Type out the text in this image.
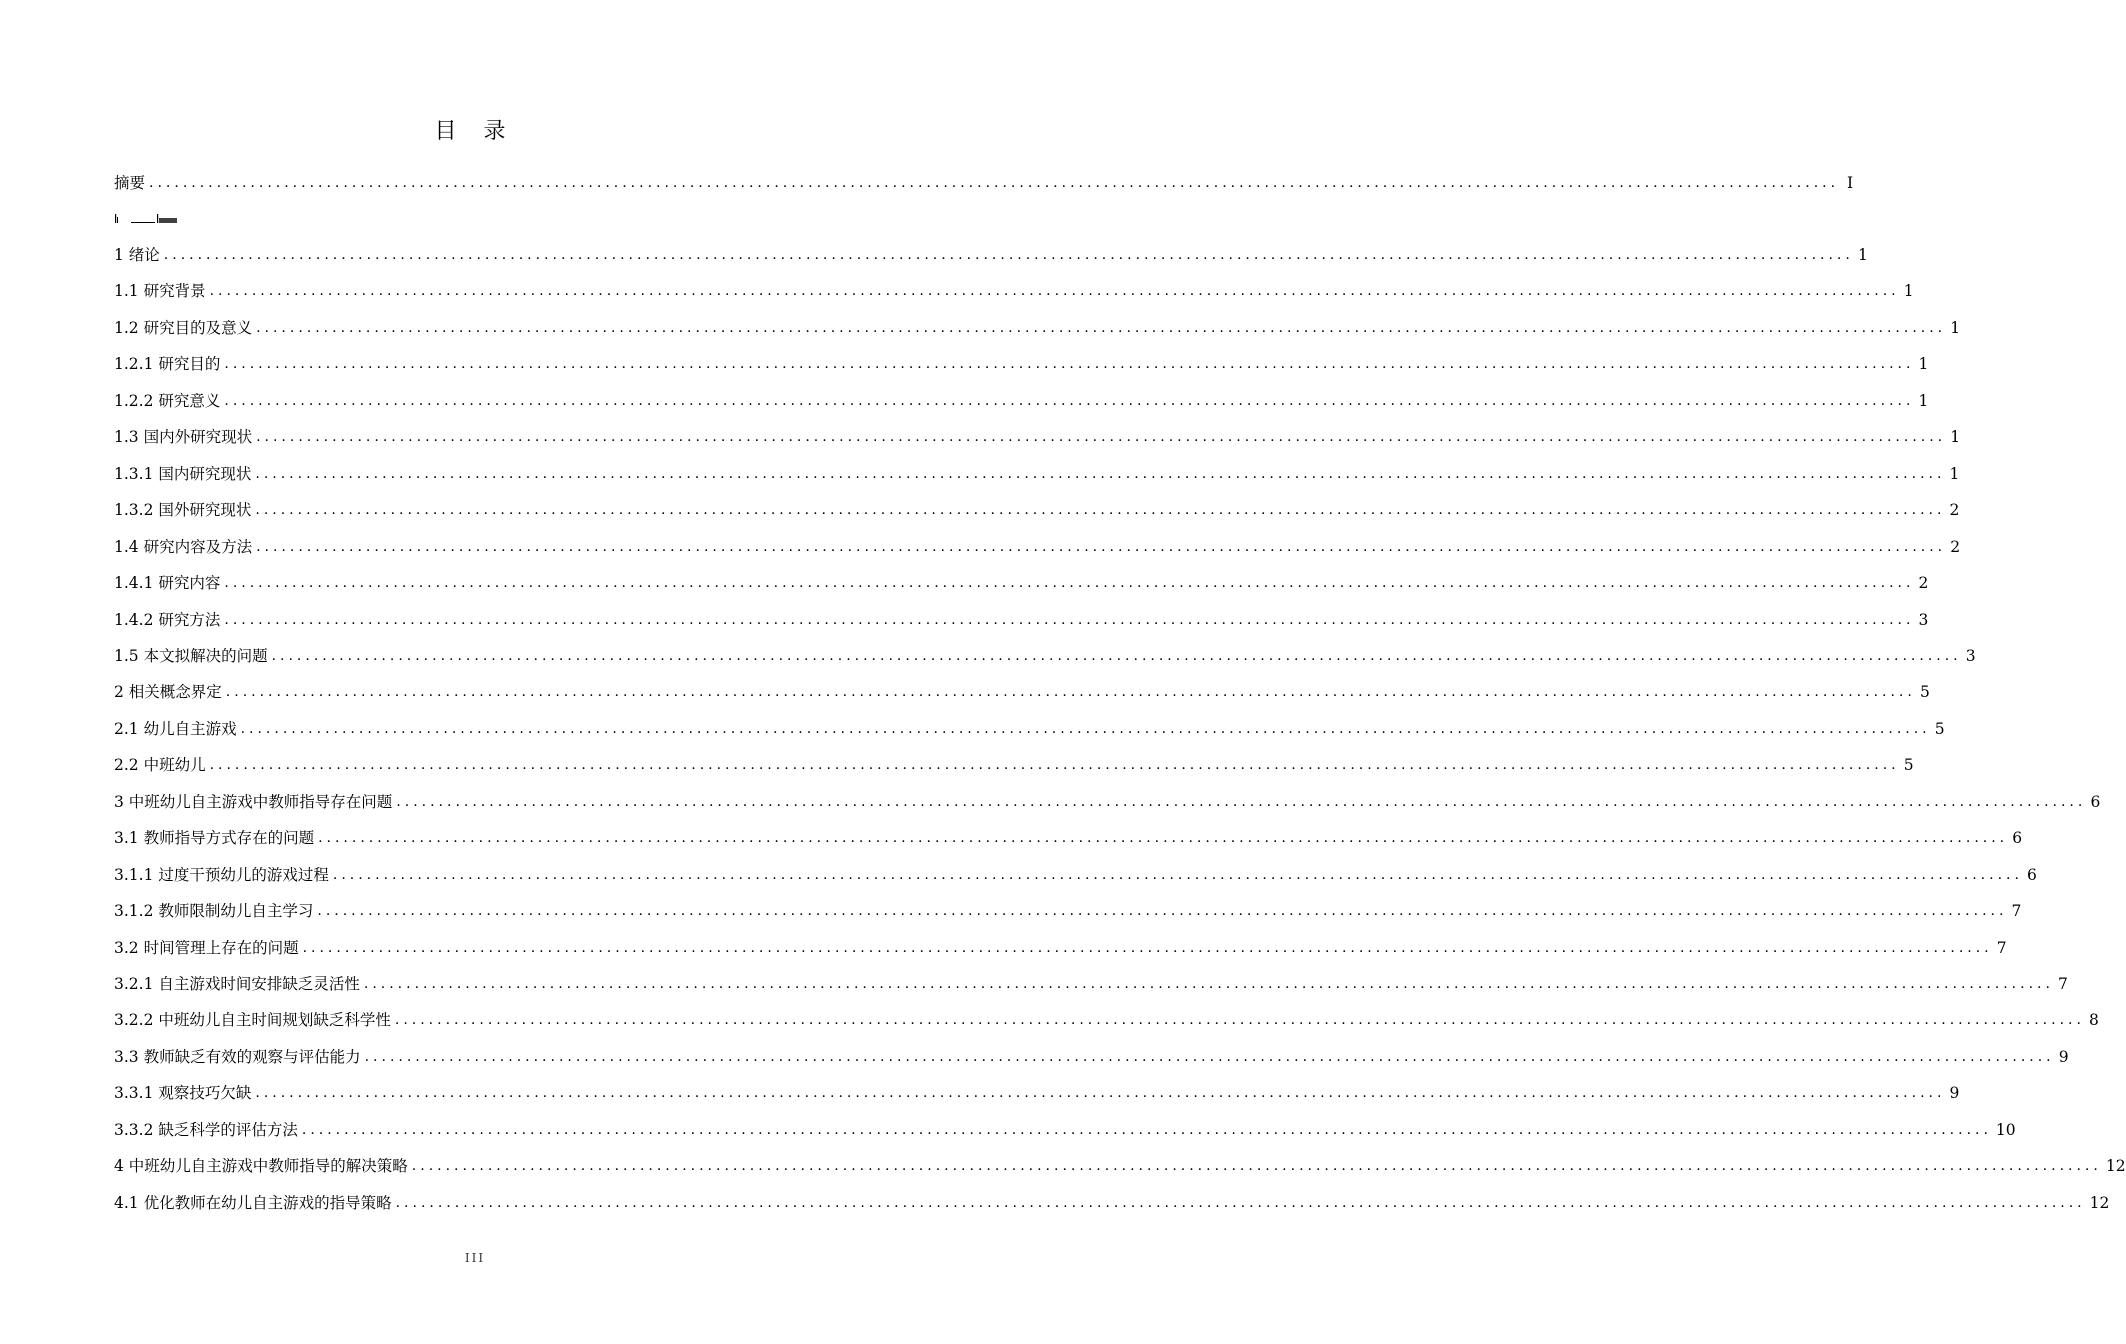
目 录
摘要 ........................................................................................................................................................................................................ I
1 绪论 ........................................................................................................................................................................................................ 1
1.1 研究背景 ........................................................................................................................................................................................................ 1
1.2 研究目的及意义 ........................................................................................................................................................................................................ 1
1.2.1 研究目的 ........................................................................................................................................................................................................ 1
1.2.2 研究意义 ........................................................................................................................................................................................................ 1
1.3 国内外研究现状 ........................................................................................................................................................................................................ 1
1.3.1 国内研究现状 ........................................................................................................................................................................................................ 1
1.3.2 国外研究现状 ........................................................................................................................................................................................................ 2
1.4 研究内容及方法 ........................................................................................................................................................................................................ 2
1.4.1 研究内容 ........................................................................................................................................................................................................ 2
1.4.2 研究方法 ........................................................................................................................................................................................................ 3
1.5 本文拟解决的问题 ........................................................................................................................................................................................................ 3
2 相关概念界定 ........................................................................................................................................................................................................ 5
2.1 幼儿自主游戏 ........................................................................................................................................................................................................ 5
2.2 中班幼儿 ........................................................................................................................................................................................................ 5
3 中班幼儿自主游戏中教师指导存在问题 ........................................................................................................................................................................................................ 6
3.1 教师指导方式存在的问题 ........................................................................................................................................................................................................ 6
3.1.1 过度干预幼儿的游戏过程 ........................................................................................................................................................................................................ 6
3.1.2 教师限制幼儿自主学习 ........................................................................................................................................................................................................ 7
3.2 时间管理上存在的问题 ........................................................................................................................................................................................................ 7
3.2.1 自主游戏时间安排缺乏灵活性 ........................................................................................................................................................................................................ 7
3.2.2 中班幼儿自主时间规划缺乏科学性 ........................................................................................................................................................................................................ 8
3.3 教师缺乏有效的观察与评估能力 ........................................................................................................................................................................................................ 9
3.3.1 观察技巧欠缺 ........................................................................................................................................................................................................ 9
3.3.2 缺乏科学的评估方法 ........................................................................................................................................................................................................ 10
4 中班幼儿自主游戏中教师指导的解决策略 ........................................................................................................................................................................................................ 12
4.1 优化教师在幼儿自主游戏的指导策略 ........................................................................................................................................................................................................ 12
III
